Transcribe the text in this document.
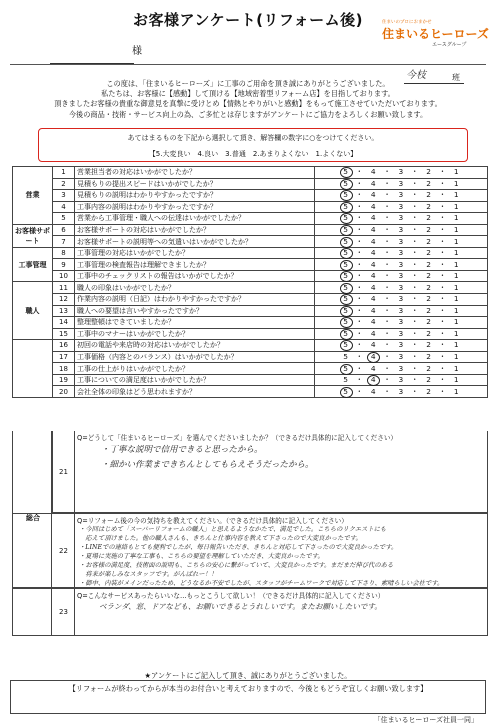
お客様アンケート(リフォーム後)	住まいのプロにおまかせ
住まいるヒーローズ
エースグループ
様
今枝	班
この度は、「住まいるヒーローズ」に工事のご用命を頂き誠にありがとうございました。
私たちは、お客様に【感動】して頂ける【地域密着型リフォーム店】を目指しております。
頂きましたお客様の貴重な御意見を真摯に受けとめ【情熱とやりがいと感動】をもって施工させていただいております。
今後の商品・技術・サービス向上の為、ご多忙とは存じますがアンケートにご協力をよろしくお願い致します。
あてはまるものを下記から選択して頂き、解答欄の数字に○をつけてください。
【5.大変良い　4.良い　3.普通　2.あまりよくない　1.よくない】
営業	1	営業担当者の対応はいかがでしたか？	5　・　4　・　3　・　2　・　1

	2	見積もりの提出スピードはいかがでしたか？	5　・　4　・　3　・　2　・　1

	3	見積もりの説明はわかりやすかったですか？	5　・　4　・　3　・　2　・　1

	4	工事内容の説明はわかりやすかったですか？	5　・　4　・　3　・　2　・　1

	5	営業から工事管理・職人への伝達はいかがでしたか？	5　・　4　・　3　・　2　・　1

お客様サポート	6	お客様サポートの対応はいかがでしたか？	5　・　4　・　3　・　2　・　1

	7	お客様サポートの説明等への気遣いはいかがでしたか？	5　・　4　・　3　・　2　・　1

工事管理	8	工事管理の対応はいかがでしたか？	5　・　4　・　3　・　2　・　1

	9	工事管理の検査報告は理解できましたか？	5　・　4　・　3　・　2　・　1

	10	工事中のチェックリストの報告はいかがでしたか？	5　・　4　・　3　・　2　・　1

職人	11	職人の印象はいかがでしたか？	5　・　4　・　3　・　2　・　1

	12	作業内容の説明（日記）はわかりやすかったですか？	5　・　4　・　3　・　2　・　1

	13	職人への要望は言いやすかったですか？	5　・　4　・　3　・　2　・　1

	14	整理整頓はできていましたか？	5　・　4　・　3　・　2　・　1

	15	工事中のマナーはいかがでしたか？	5　・　4　・　3　・　2　・　1

	16	初回の電話や来店時の対応はいかがでしたか？	5　・　4　・　3　・　2　・　1

	17	工事価格（内容とのバランス）はいかがでしたか？	5　・　4　・　3　・　2　・　1

	18	工事の仕上がりはいかがでしたか？	5　・　4　・　3　・　2　・　1

	19	工事についての満足度はいかがでしたか？	5　・　4　・　3　・　2　・　1

	20	会社全体の印象はどう思われますか？	5　・　4　・　3　・　2　・　1
21
Q=どうして「住まいるヒーローズ」を選んでくださいましたか？（できるだけ具体的に記入してください）
・丁寧な説明で信用できると思ったから。
・細かい作業まできちんとしてもらえそうだったから。
総合
22
Q=リフォーム後の今の気持ちを教えてください。（できるだけ具体的に記入してください）
・今回はじめて「スーパーリフォームの職人」と思えるようなかたで、満足でした。こちらのリクエストにも
　応えて頂けました。他の職人さんも、きちんと仕事内容を教えて下さったので大変良かったです。
・LINEでの連絡もとても便利でしたが、毎日報告いただき、きちんと対応して下さったので大変良かったです。
・夏場に実施の丁寧な工事も、こちらの要望を理解していただき、大変良かったです。
・お客様の満足度、技術面の説明も、こちらの安心に繋がっていて、大変良かったです。まだまだ伸び代のある
　将来が楽しみなスタッフです。がんばれー！！
・御中、内装がメインだったため、どうなるか不安でしたが、スタッフがチームワークで対応して下さり、素晴らしい会社です。
23
Q=こんなサービスあったらいいな…もっとこうして欲しい！（できるだけ具体的に記入してください）
ベランダ、窓、ドアなども、お願いできるとうれしいです。またお願いしたいです。
★アンケートにご記入して頂き、誠にありがとうございました。
【リフォームが終わってからが本当のお付合いと考えておりますので、今後ともどうぞ宜しくお願い致します】
「住まいるヒーローズ社員一同」
